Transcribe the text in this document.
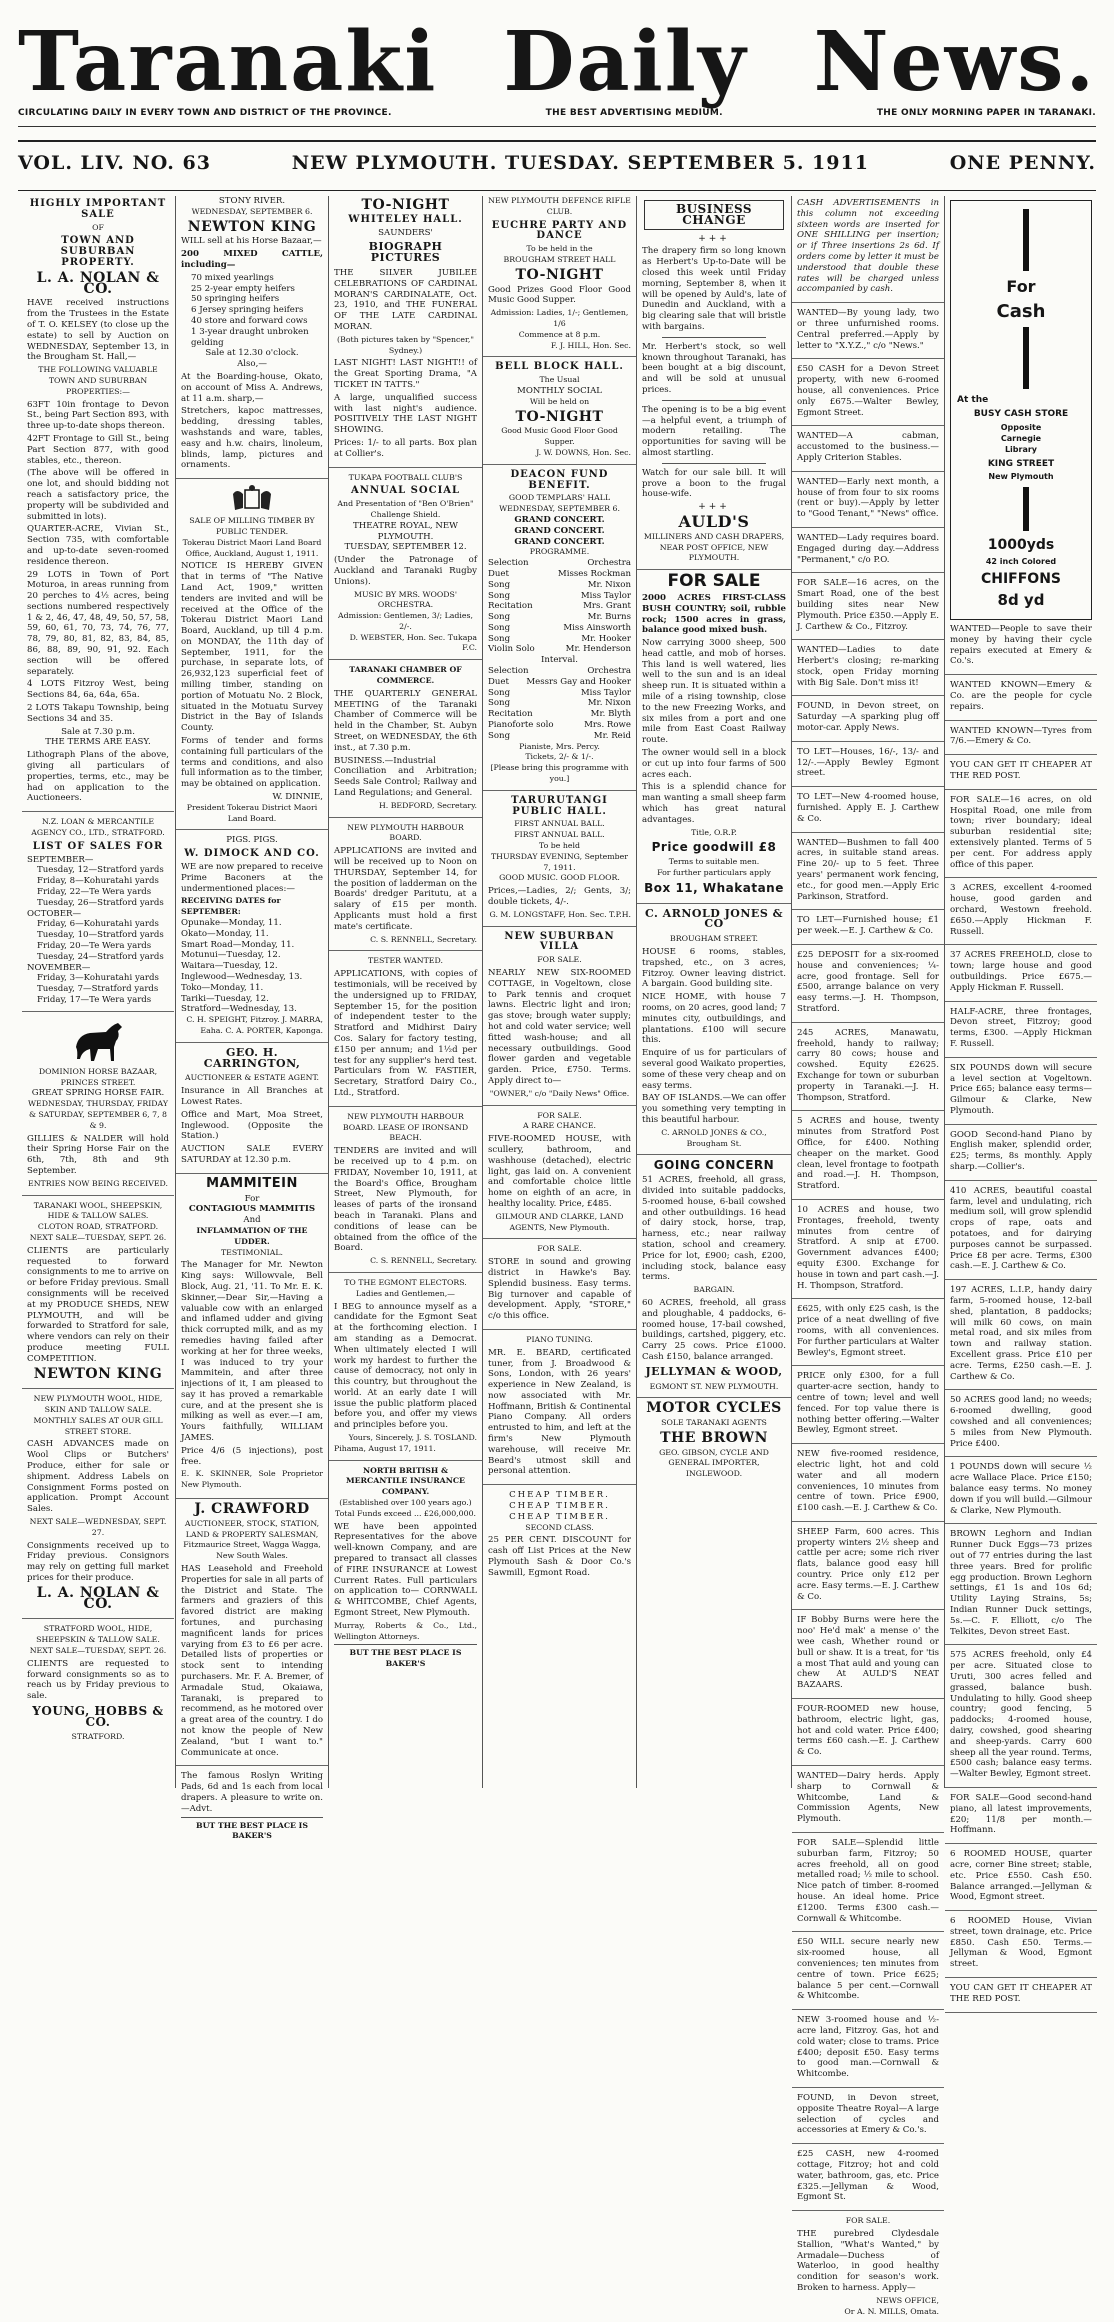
Taranaki Daily News.
CIRCULATING DAILY IN EVERY TOWN AND DISTRICT OF THE PROVINCE.	THE BEST ADVERTISING MEDIUM.	THE ONLY MORNING PAPER IN TARANAKI.
VOL. LIV. NO. 63	NEW PLYMOUTH. TUESDAY. SEPTEMBER 5. 1911	ONE PENNY.
HIGHLY IMPORTANT SALE
OF
TOWN AND SUBURBAN PROPERTY.
L. A. NOLAN & CO.

HAVE received instructions from the Trustees in the Estate of T. O. KELSEY (to close up the estate) to sell by Auction on WEDNESDAY, September 13, in the Brougham St. Hall,—

THE FOLLOWING VALUABLE TOWN AND SUBURBAN PROPERTIES:—

63FT 10in frontage to Devon St., being Part Section 893, with three up-to-date shops thereon.

42FT Frontage to Gill St., being Part Section 877, with good stables, etc., thereon.

(The above will be offered in one lot, and should bidding not reach a satisfactory price, the property will be subdivided and submitted in lots).

QUARTER-ACRE, Vivian St., Section 735, with comfortable and up-to-date seven-roomed residence thereon.

29 LOTS in Town of Port Moturoa, in areas running from 20 perches to 4½ acres, being sections numbered respectively 1 & 2, 46, 47, 48, 49, 50, 57, 58, 59, 60, 61, 70, 73, 74, 76, 77, 78, 79, 80, 81, 82, 83, 84, 85, 86, 88, 89, 90, 91, 92. Each section will be offered separately.

4 LOTS Fitzroy West, being Sections 84, 6a, 64a, 65a.

2 LOTS Takapu Township, being Sections 34 and 35.

Sale at 7.30 p.m.
THE TERMS ARE EASY.

Lithograph Plans of the above, giving all particulars of properties, terms, etc., may be had on application to the Auctioneers.

N.Z. LOAN & MERCANTILE AGENCY CO., LTD., STRATFORD.
LIST OF SALES FOR
SEPTEMBER—
Tuesday, 12—Stratford yards
Friday, 8—Kohuratahi yards
Friday, 22—Te Wera yards
Tuesday, 26—Stratford yards
OCTOBER—
Friday, 6—Kohuratahi yards
Tuesday, 10—Stratford yards
Friday, 20—Te Wera yards
Tuesday, 24—Stratford yards
NOVEMBER—
Friday, 3—Kohuratahi yards
Tuesday, 7—Stratford yards
Friday, 17—Te Wera yards
DOMINION HORSE BAZAAR, PRINCES STREET.
GREAT SPRING HORSE FAIR.
WEDNESDAY, THURSDAY, FRIDAY & SATURDAY, SEPTEMBER 6, 7, 8 & 9.

GILLIES & NALDER will hold their Spring Horse Fair on the 6th, 7th, 8th and 9th September.

ENTRIES NOW BEING RECEIVED.
TARANAKI WOOL, SHEEPSKIN, HIDE & TALLOW SALES.
CLOTON ROAD, STRATFORD.
NEXT SALE—TUESDAY, SEPT. 26.

CLIENTS are particularly requested to forward consignments to me to arrive on or before Friday previous. Small consignments will be received at my PRODUCE SHEDS, NEW PLYMOUTH, and will be forwarded to Stratford for sale, where vendors can rely on their produce meeting FULL COMPETITION.

NEWTON KING
NEW PLYMOUTH WOOL, HIDE, SKIN AND TALLOW SALE. MONTHLY SALES AT OUR GILL STREET STORE.

CASH ADVANCES made on Wool Clips or Butchers' Produce, either for sale or shipment. Address Labels on Consignment Forms posted on application. Prompt Account Sales.

NEXT SALE—WEDNESDAY, SEPT. 27.

Consignments received up to Friday previous. Consignors may rely on getting full market prices for their produce.

L. A. NOLAN & CO.
STRATFORD WOOL, HIDE, SHEEPSKIN & TALLOW SALE. NEXT SALE—TUESDAY, SEPT. 26.

CLIENTS are requested to forward consignments so as to reach us by Friday previous to sale.

YOUNG, HOBBS & CO.
STRATFORD.
STONY RIVER.
WEDNESDAY, SEPTEMBER 6.
NEWTON KING

WILL sell at his Horse Bazaar,—

200 MIXED CATTLE, including—

70 mixed yearlings
25 2-year empty heifers
50 springing heifers
6 Jersey springing heifers
40 store and forward cows
1 3-year draught unbroken gelding
Sale at 12.30 o'clock.
Also,—

At the Boarding-house, Okato, on account of Miss A. Andrews, at 11 a.m. sharp,—

Stretchers, kapoc mattresses, bedding, dressing tables, washstands and ware, tables, easy and h.w. chairs, linoleum, blinds, lamp, pictures and ornaments.

SALE OF MILLING TIMBER BY PUBLIC TENDER.
Tokerau District Maori Land Board Office, Auckland, August 1, 1911.

NOTICE IS HEREBY GIVEN that in terms of "The Native Land Act, 1909," written tenders are invited and will be received at the Office of the Tokerau District Maori Land Board, Auckland, up till 4 p.m. on MONDAY, the 11th day of September, 1911, for the purchase, in separate lots, of 26,932,123 superficial feet of milling timber, standing on portion of Motuatu No. 2 Block, situated in the Motuatu Survey District in the Bay of Islands County.

Forms of tender and forms containing full particulars of the terms and conditions, and also full information as to the timber, may be obtained on application.

W. DINNIE,
President Tokerau District Maori Land Board.
PIGS. PIGS.
W. DIMOCK AND CO.

WE are now prepared to receive Prime Baconers at the undermentioned places:—

RECEIVING DATES for SEPTEMBER:
Opunake—Monday, 11.
Okato—Monday, 11.
Smart Road—Monday, 11.
Motunui—Tuesday, 12.
Waitara—Tuesday, 12.
Inglewood—Wednesday, 13.
Toko—Monday, 11.
Tariki—Tuesday, 12.
Stratford—Wednesday, 13.
C. H. SPEIGHT, Fitzroy. J. MARRA, Eaha. C. A. PORTER, Kaponga.
GEO. H. CARRINGTON,
AUCTIONEER & ESTATE AGENT.

Insurance in All Branches at Lowest Rates.

Office and Mart, Moa Street, Inglewood. (Opposite the Station.)

AUCTION SALE EVERY SATURDAY at 12.30 p.m.

MAMMITEIN
For
CONTAGIOUS MAMMITIS
And
INFLAMMATION OF THE UDDER.
TESTIMONIAL.

The Manager for Mr. Newton King says: Willowvale, Bell Block, Aug. 21, '11. To Mr. E. K. Skinner,—Dear Sir,—Having a valuable cow with an enlarged and inflamed udder and giving thick corrupted milk, and as my remedies having failed after working at her for three weeks, I was induced to try your Mammitein, and after three injections of it, I am pleased to say it has proved a remarkable cure, and at the present she is milking as well as ever.—I am, Yours faithfully, WILLIAM JAMES.

Price 4/6 (5 injections), post free.

E. K. SKINNER, Sole Proprietor New Plymouth.

J. CRAWFORD
AUCTIONEER, STOCK, STATION, LAND & PROPERTY SALESMAN, Fitzmaurice Street, Wagga Wagga, New South Wales.

HAS Leasehold and Freehold Properties for sale in all parts of the District and State. The farmers and graziers of this favored district are making fortunes, and purchasing magnificent lands for prices varying from £3 to £6 per acre. Detailed lists of properties or stock sent to intending purchasers. Mr. F. A. Bremer, of Armadale Stud, Okaiawa, Taranaki, is prepared to recommend, as he motored over a great area of the country. I do not know the people of New Zealand, "but I want to." Communicate at once.

The famous Roslyn Writing Pads, 6d and 1s each from local drapers. A pleasure to write on.—Advt.

BUT THE BEST PLACE IS BAKER'S
TO-NIGHT
WHITELEY HALL.
SAUNDERS'
BIOGRAPH PICTURES

THE SILVER JUBILEE CELEBRATIONS OF CARDINAL MORAN'S CARDINALATE, Oct. 23, 1910, and THE FUNERAL OF THE LATE CARDINAL MORAN.

(Both pictures taken by "Spencer," Sydney.)

LAST NIGHT! LAST NIGHT!! of the Great Sporting Drama, "A TICKET IN TATTS."

A large, unqualified success with last night's audience. POSITIVELY THE LAST NIGHT SHOWING.

Prices: 1/- to all parts. Box plan at Collier's.

TUKAPA FOOTBALL CLUB'S
ANNUAL SOCIAL
And Presentation of "Ben O'Brien" Challenge Shield.
THEATRE ROYAL, NEW PLYMOUTH.
TUESDAY, SEPTEMBER 12.

(Under the Patronage of Auckland and Taranaki Rugby Unions).

MUSIC BY MRS. WOODS' ORCHESTRA.
Admission: Gentlemen, 3/; Ladies, 2/-.
D. WEBSTER, Hon. Sec. Tukapa F.C.
TARANAKI CHAMBER OF COMMERCE.

THE QUARTERLY GENERAL MEETING of the Taranaki Chamber of Commerce will be held in the Chamber, St. Aubyn Street, on WEDNESDAY, the 6th inst., at 7.30 p.m.

BUSINESS.—Industrial Conciliation and Arbitration; Seeds Sale Control; Railway and Land Regulations; and General.

H. BEDFORD, Secretary.
NEW PLYMOUTH HARBOUR BOARD.

APPLICATIONS are invited and will be received up to Noon on THURSDAY, September 14, for the position of ladderman on the Boards' dredger Paritutu, at a salary of £15 per month. Applicants must hold a first mate's certificate.

C. S. RENNELL, Secretary.
TESTER WANTED.

APPLICATIONS, with copies of testimonials, will be received by the undersigned up to FRIDAY, September 15, for the position of independent tester to the Stratford and Midhirst Dairy Cos. Salary for factory testing, £150 per annum; and 1½d per test for any supplier's herd test. Particulars from W. FASTIER, Secretary, Stratford Dairy Co., Ltd., Stratford.

NEW PLYMOUTH HARBOUR BOARD. LEASE OF IRONSAND BEACH.

TENDERS are invited and will be received up to 4 p.m. on FRIDAY, November 10, 1911, at the Board's Office, Brougham Street, New Plymouth, for leases of parts of the ironsand beach in Taranaki. Plans and conditions of lease can be obtained from the office of the Board.

C. S. RENNELL, Secretary.
TO THE EGMONT ELECTORS.
Ladies and Gentlemen,—

I BEG to announce myself as a candidate for the Egmont Seat at the forthcoming election. I am standing as a Democrat. When ultimately elected I will work my hardest to further the cause of democracy, not only in this country, but throughout the world. At an early date I will issue the public platform placed before you, and offer my views and principles before you.

Yours, Sincerely, J. S. TOSLAND.
Pihama, August 17, 1911.
NORTH BRITISH & MERCANTILE INSURANCE COMPANY.
(Established over 100 years ago.)
Total Funds exceed ... £26,000,000.

WE have been appointed Representatives for the above well-known Company, and are prepared to transact all classes of FIRE INSURANCE at Lowest Current Rates. Full particulars on application to— CORNWALL & WHITCOMBE, Chief Agents, Egmont Street, New Plymouth.

Murray, Roberts & Co., Ltd., Wellington Attorneys.

BUT THE BEST PLACE IS BAKER'S
NEW PLYMOUTH DEFENCE RIFLE CLUB.
EUCHRE PARTY AND DANCE
To be held in the
BROUGHAM STREET HALL
TO-NIGHT

Good Prizes Good Floor Good Music Good Supper.

Admission: Ladies, 1/-; Gentlemen, 1/6
Commence at 8 p.m.
F. J. HILL, Hon. Sec.
BELL BLOCK HALL.
The Usual
MONTHLY SOCIAL
Will be held on
TO-NIGHT
Good Music Good Floor Good Supper.
J. W. DOWNS, Hon. Sec.
DEACON FUND BENEFIT.
GOOD TEMPLARS' HALL
WEDNESDAY, SEPTEMBER 6.
GRAND CONCERT.
GRAND CONCERT.
GRAND CONCERT.
PROGRAMME.
Selection	Orchestra
Duet	Misses Rockman
Song	Mr. Nixon
Song	Miss Taylor
Recitation	Mrs. Grant
Song	Mr. Burns
Song	Miss Ainsworth
Song	Mr. Hooker
Violin Solo	Mr. Henderson
Interval.
Selection	Orchestra
Duet Messrs Gay and Hooker
Song	Miss Taylor
Song	Mr. Nixon
Recitation	Mr. Blyth
Pianoforte solo	Mrs. Rowe
Song	Mr. Reid
Pianiste, Mrs. Percy.
Tickets, 2/- & 1/-.
[Please bring this programme with you.]
TARURUTANGI PUBLIC HALL.
FIRST ANNUAL BALL.
FIRST ANNUAL BALL.
To be held
THURSDAY EVENING, September 7, 1911.
GOOD MUSIC. GOOD FLOOR.

Prices,—Ladies, 2/; Gents, 3/; double tickets, 4/-.

G. M. LONGSTAFF, Hon. Sec. T.P.H.
NEW SUBURBAN VILLA
FOR SALE.

NEARLY NEW SIX-ROOMED COTTAGE, in Vogeltown, close to Park tennis and croquet lawns. Electric light and iron; gas stove; brough water supply; hot and cold water service; well fitted wash-house; and all necessary outbuildings. Good flower garden and vegetable garden. Price, £750. Terms. Apply direct to—

"OWNER," c/o "Daily News" Office.
FOR SALE.
A RARE CHANCE.

FIVE-ROOMED HOUSE, with scullery, bathroom, and washhouse (detached), electric light, gas laid on. A convenient and comfortable choice little home on eighth of an acre, in healthy locality. Price, £485.

GILMOUR AND CLARKE, LAND AGENTS, New Plymouth.
FOR SALE.

STORE in sound and growing district in Hawke's Bay. Splendid business. Easy terms. Big turnover and capable of development. Apply, "STORE," c/o this office.

PIANO TUNING.

MR. E. BEARD, certificated tuner, from J. Broadwood & Sons, London, with 26 years' experience in New Zealand, is now associated with Mr. Hoffmann, British & Continental Piano Company. All orders entrusted to him, and left at the firm's New Plymouth warehouse, will receive Mr. Beard's utmost skill and personal attention.

CHEAP TIMBER.
CHEAP TIMBER.
CHEAP TIMBER.
SECOND CLASS.

25 PER CENT. DISCOUNT for cash off List Prices at the New Plymouth Sash & Door Co.'s Sawmill, Egmont Road.

BUSINESS CHANGE
+++

The drapery firm so long known as Herbert's Up-to-Date will be closed this week until Friday morning, September 8, when it will be opened by Auld's, late of Dunedin and Auckland, with a big clearing sale that will bristle with bargains.

Mr. Herbert's stock, so well known throughout Taranaki, has been bought at a big discount, and will be sold at unusual prices.

The opening is to be a big event—a helpful event, a triumph of modern retailing. The opportunities for saving will be almost startling.

Watch for our sale bill. It will prove a boon to the frugal house-wife.

+++
AULD'S
MILLINERS AND CASH DRAPERS, NEAR POST OFFICE, NEW PLYMOUTH.
FOR SALE

2000 ACRES FIRST-CLASS BUSH COUNTRY; soil, rubble rock; 1500 acres in grass, balance good mixed bush.

Now carrying 3000 sheep, 500 head cattle, and mob of horses. This land is well watered, lies well to the sun and is an ideal sheep run. It is situated within a mile of a rising township, close to the new Freezing Works, and six miles from a port and one mile from East Coast Railway route.

The owner would sell in a block or cut up into four farms of 500 acres each.

This is a splendid chance for man wanting a small sheep farm which has great natural advantages.

Title, O.R.P.
Price goodwill £8
Terms to suitable men.
For further particulars apply
Box 11, Whakatane
C. ARNOLD JONES & CO
BROUGHAM STREET.

HOUSE 6 rooms, stables, trapshed, etc., on 3 acres, Fitzroy. Owner leaving district. A bargain. Good building site.

NICE HOME, with house 7 rooms, on 20 acres, good land; 7 minutes city, outbuildings, and plantations. £100 will secure this.

Enquire of us for particulars of several good Waikato properties, some of these very cheap and on easy terms.

BAY OF ISLANDS.—We can offer you something very tempting in this beautiful harbour.

C. ARNOLD JONES & CO., Brougham St.
GOING CONCERN

51 ACRES, freehold, all grass, divided into suitable paddocks, 5-roomed house, 6-bail cowshed and other outbuildings. 16 head of dairy stock, horse, trap, harness, etc.; near railway station, school and creamery. Price for lot, £900; cash, £200, including stock, balance easy terms.

BARGAIN.

60 ACRES, freehold, all grass and ploughable, 4 paddocks, 6-roomed house, 17-bail cowshed, buildings, cartshed, piggery, etc. Carry 25 cows. Price £1000. Cash £150, balance arranged.

JELLYMAN & WOOD,
EGMONT ST. NEW PLYMOUTH.
MOTOR CYCLES
SOLE TARANAKI AGENTS
THE BROWN
GEO. GIBSON, CYCLE AND GENERAL IMPORTER, INGLEWOOD.

CASH ADVERTISEMENTS in this column not exceeding sixteen words are inserted for ONE SHILLING per insertion; or if Three insertions 2s 6d. If orders come by letter it must be understood that double these rates will be charged unless accompanied by cash.

WANTED—By young lady, two or three unfurnished rooms. Central preferred.—Apply by letter to "X.Y.Z.," c/o "News."

£50 CASH for a Devon Street property, with new 6-roomed house, all conveniences. Price only £675.—Walter Bewley, Egmont Street.

WANTED—A cabman, accustomed to the business.—Apply Criterion Stables.

WANTED—Early next month, a house of from four to six rooms (rent or buy).—Apply by letter to "Good Tenant," "News" office.

WANTED—Lady requires board. Engaged during day.—Address "Permanent," c/o P.O.

FOR SALE—16 acres, on the Smart Road, one of the best building sites near New Plymouth. Price £350.—Apply E. J. Carthew & Co., Fitzroy.

WANTED—Ladies to date Herbert's closing; re-marking stock, open Friday morning with Big Sale. Don't miss it!

FOUND, in Devon street, on Saturday —A sparking plug off motor-car. Apply News.

TO LET—Houses, 16/-, 13/- and 12/-.—Apply Bewley Egmont street.

TO LET—New 4-roomed house, furnished. Apply E. J. Carthew & Co.

WANTED—Bushmen to fall 400 acres, in suitable stand areas. Fine 20/- up to 5 feet. Three years' permanent work fencing, etc., for good men.—Apply Eric Parkinson, Stratford.

TO LET—Furnished house; £1 per week.—E. J. Carthew & Co.

£25 DEPOSIT for a six-roomed house and conveniences; ¼-acre, good frontage. Sell for £500, arrange balance on very easy terms.—J. H. Thompson, Stratford.

245 ACRES, Manawatu, freehold, handy to railway; carry 80 cows; house and cowshed. Equity £2625. Exchange for town or suburban property in Taranaki.—J. H. Thompson, Stratford.

5 ACRES and house, twenty minutes from Stratford Post Office, for £400. Nothing cheaper on the market. Good clean, level frontage to footpath and road.—J. H. Thompson, Stratford.

10 ACRES and house, two Frontages, freehold, twenty minutes from centre of Stratford. A snip at £700. Government advances £400; equity £300. Exchange for house in town and part cash.—J. H. Thompson, Stratford.

£625, with only £25 cash, is the price of a neat dwelling of five rooms, with all conveniences. For further particulars at Walter Bewley's, Egmont street.

PRICE only £300, for a full quarter-acre section, handy to centre of town; level and well fenced. For top value there is nothing better offering.—Walter Bewley, Egmont street.

NEW five-roomed residence, electric light, hot and cold water and all modern conveniences, 10 minutes from centre of town. Price £900, £100 cash.—E. J. Carthew & Co.

SHEEP Farm, 600 acres. This property winters 2½ sheep and cattle per acre; some rich river flats, balance good easy hill country. Price only £12 per acre. Easy terms.—E. J. Carthew & Co.

IF Bobby Burns were here the noo' He'd mak' a mense o' the wee cash, Whether round or bull or shaw. It is a treat, for 'tis a most That auld and young can chew At AULD'S NEAT BAZAARS.

FOUR-ROOMED new house, bathroom, electric light, gas, hot and cold water. Price £400; terms £60 cash.—E. J. Carthew & Co.

WANTED—Dairy herds. Apply sharp to Cornwall & Whitcombe, Land & Commission Agents, New Plymouth.

FOR SALE—Splendid little suburban farm, Fitzroy; 50 acres freehold, all on good metalled road; ½ mile to school. Nice patch of timber. 8-roomed house. An ideal home. Price £1200. Terms £300 cash.—Cornwall & Whitcombe.

£50 WILL secure nearly new six-roomed house, all conveniences; ten minutes from centre of town. Price £625; balance 5 per cent.—Cornwall & Whitcombe.

NEW 3-roomed house and ½-acre land, Fitzroy. Gas, hot and cold water; close to trams. Price £400; deposit £50. Easy terms to good man.—Cornwall & Whitcombe.

FOUND, in Devon street, opposite Theatre Royal—A large selection of cycles and accessories at Emery & Co.'s.

£25 CASH, new 4-roomed cottage, Fitzroy; hot and cold water, bathroom, gas, etc. Price £325.—Jellyman & Wood, Egmont St.

FOR SALE.

THE purebred Clydesdale Stallion, "What's Wanted," by Armadale—Duchess of Waterloo, in good healthy condition for season's work. Broken to harness. Apply—

NEWS OFFICE,
Or A. N. MILLS, Omata.
For
Cash
At the
BUSY CASH STORE
Opposite
Carnegie
Library
KING STREET
New Plymouth
1000yds
42 inch Colored
CHIFFONS
8d yd

WANTED—People to save their money by having their cycle repairs executed at Emery & Co.'s.

WANTED KNOWN—Emery & Co. are the people for cycle repairs.

WANTED KNOWN—Tyres from 7/6.—Emery & Co.

YOU CAN GET IT CHEAPER AT THE RED POST.

FOR SALE—16 acres, on old Hospital Road, one mile from town; river boundary; ideal suburban residential site; extensively planted. Terms of 5 per cent. For address apply office of this paper.

3 ACRES, excellent 4-roomed house, good garden and orchard, Westown freehold. £650.—Apply Hickman F. Russell.

37 ACRES FREEHOLD, close to town; large house and good outbuildings. Price £675.—Apply Hickman F. Russell.

HALF-ACRE, three frontages, Devon street, Fitzroy; good terms, £300. —Apply Hickman F. Russell.

SIX POUNDS down will secure a level section at Vogeltown. Price £65; balance easy terms—Gilmour & Clarke, New Plymouth.

GOOD Second-hand Piano by English maker, splendid order, £25; terms, 8s monthly. Apply sharp.—Collier's.

410 ACRES, beautiful coastal farm, level and undulating, rich medium soil, will grow splendid crops of rape, oats and potatoes, and for dairying purposes cannot be surpassed. Price £8 per acre. Terms, £300 cash.—E. J. Carthew & Co.

197 ACRES, L.I.P., handy dairy farm, 5-roomed house, 12-bail shed, plantation, 8 paddocks; will milk 60 cows, on main metal road, and six miles from town and railway station. Excellent grass. Price £10 per acre. Terms, £250 cash.—E. J. Carthew & Co.

50 ACRES good land; no weeds; 6-roomed dwelling, good cowshed and all conveniences; 5 miles from New Plymouth. Price £400.

1 POUNDS down will secure ½ acre Wallace Place. Price £150; balance easy terms. No money down if you will build.—Gilmour & Clarke, New Plymouth.

BROWN Leghorn and Indian Runner Duck Eggs—73 prizes out of 77 entries during the last three years. Bred for prolific egg production. Brown Leghorn settings, £1 1s and 10s 6d; Utility Laying Strains, 5s; Indian Runner Duck settings, 5s.—C. F. Elliott, c/o The Telkites, Devon street East.

575 ACRES freehold, only £4 per acre. Situated close to Uruti, 300 acres felled and grassed, balance bush. Undulating to hilly. Good sheep country; good fencing, 5 paddocks; 4-roomed house, dairy, cowshed, good shearing and sheep-yards. Carry 600 sheep all the year round. Terms, £500 cash; balance easy terms.—Walter Bewley, Egmont street.

FOR SALE—Good second-hand piano, all latest improvements, £20; 11/8 per month.—Hoffmann.

6 ROOMED HOUSE, quarter acre, corner Bine street; stable, etc. Price £550. Cash £50. Balance arranged.—Jellyman & Wood, Egmont street.

6 ROOMED House, Vivian street, town drainage, etc. Price £850. Cash £50. Terms.—Jellyman & Wood, Egmont street.

YOU CAN GET IT CHEAPER AT THE RED POST.
